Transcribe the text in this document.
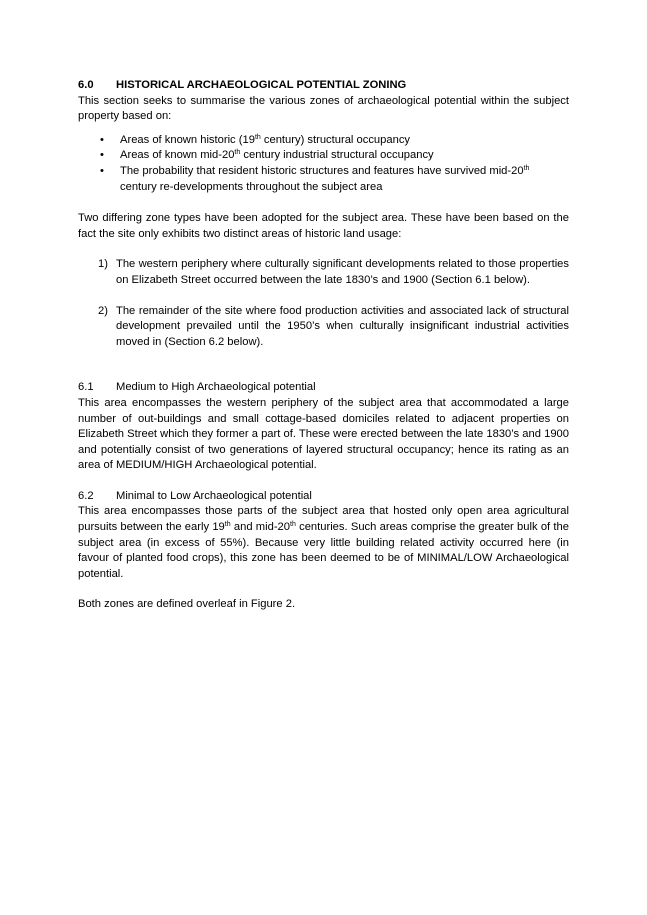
6.0 HISTORICAL ARCHAEOLOGICAL POTENTIAL ZONING

This section seeks to summarise the various zones of archaeological potential within the subject property based on:

• Areas of known historic (19th century) structural occupancy
• Areas of known mid-20th century industrial structural occupancy
• The probability that resident historic structures and features have survived mid-20th century re-developments throughout the subject area

Two differing zone types have been adopted for the subject area. These have been based on the fact the site only exhibits two distinct areas of historic land usage:

1) The western periphery where culturally significant developments related to those properties on Elizabeth Street occurred between the late 1830’s and 1900 (Section 6.1 below).
2) The remainder of the site where food production activities and associated lack of structural development prevailed until the 1950’s when culturally insignificant industrial activities moved in (Section 6.2 below).

6.1 Medium to High Archaeological potential

This area encompasses the western periphery of the subject area that accommodated a large number of out-buildings and small cottage-based domiciles related to adjacent properties on Elizabeth Street which they former a part of. These were erected between the late 1830’s and 1900 and potentially consist of two generations of layered structural occupancy; hence its rating as an area of MEDIUM/HIGH Archaeological potential.

6.2 Minimal to Low Archaeological potential

This area encompasses those parts of the subject area that hosted only open area agricultural pursuits between the early 19th and mid-20th centuries. Such areas comprise the greater bulk of the subject area (in excess of 55%). Because very little building related activity occurred here (in favour of planted food crops), this zone has been deemed to be of MINIMAL/LOW Archaeological potential.

Both zones are defined overleaf in Figure 2.
